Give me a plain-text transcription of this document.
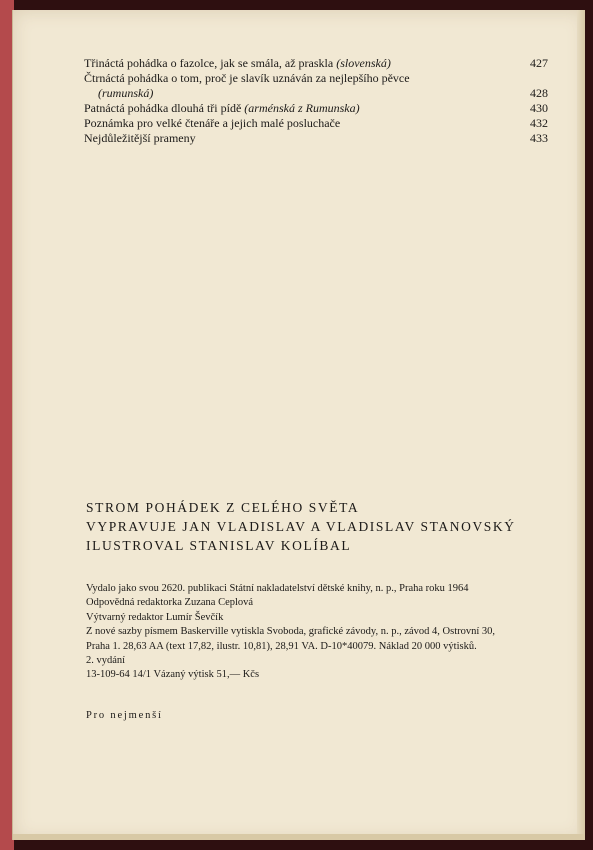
Třináctá pohádka o fazolce, jak se smála, až praskla (slovenská)	427
Čtrnáctá pohádka o tom, proč je slavík uznáván za nejlepšího pěvce
(rumunská)	428
Patnáctá pohádka dlouhá tři pídě (arménská z Rumunska)	430
Poznámka pro velké čtenáře a jejich malé posluchače	432
Nejdůležitější prameny	433
STROM POHÁDEK Z CELÉHO SVĚTA
VYPRAVUJE JAN VLADISLAV A VLADISLAV STANOVSKÝ
ILUSTROVAL STANISLAV KOLÍBAL
Vydalo jako svou 2620. publikaci Státní nakladatelství dětské knihy, n. p., Praha roku 1964
Odpovědná redaktorka Zuzana Ceplová
Výtvarný redaktor Lumír Ševčík
Z nové sazby písmem Baskerville vytiskla Svoboda, grafické závody, n. p., závod 4, Ostrovní 30,
Praha 1. 28,63 AA (text 17,82, ilustr. 10,81), 28,91 VA. D-10*40079. Náklad 20 000 výtisků.
2. vydání
13-109-64 14/1 Vázaný výtisk 51,— Kčs
Pro nejmenší
